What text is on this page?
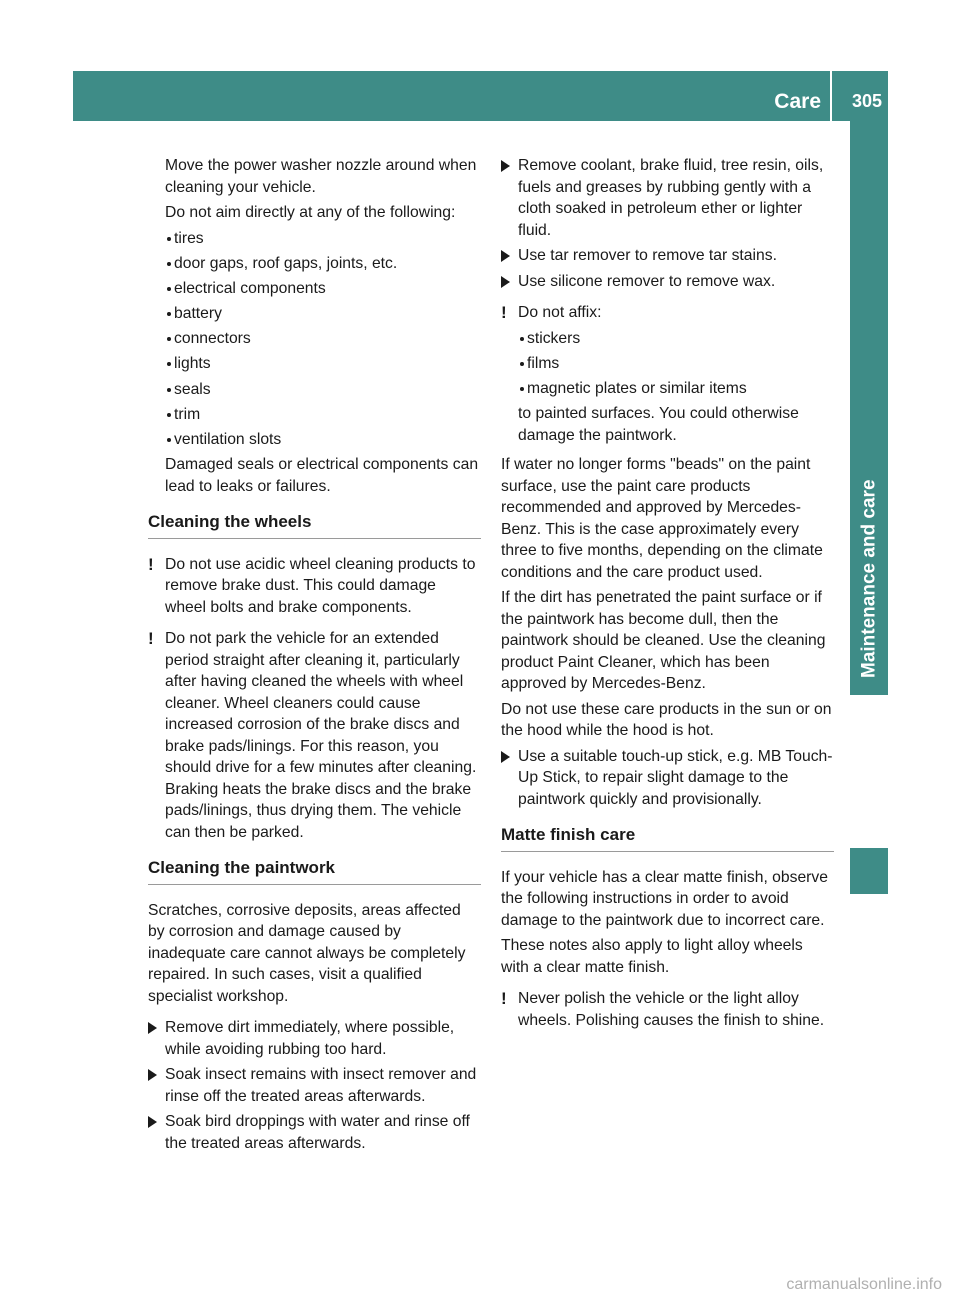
Care 305
Maintenance and care

Move the power washer nozzle around when cleaning your vehicle.

Do not aim directly at any of the following:

tires
door gaps, roof gaps, joints, etc.
electrical components
battery
connectors
lights
seals
trim
ventilation slots

Damaged seals or electrical components can lead to leaks or failures.

Cleaning the wheels
! Do not use acidic wheel cleaning products to remove brake dust. This could damage wheel bolts and brake components.
! Do not park the vehicle for an extended period straight after cleaning it, particularly after having cleaned the wheels with wheel cleaner. Wheel cleaners could cause increased corrosion of the brake discs and brake pads/linings. For this reason, you should drive for a few minutes after cleaning. Braking heats the brake discs and the brake pads/linings, thus drying them. The vehicle can then be parked.
Cleaning the paintwork

Scratches, corrosive deposits, areas affected by corrosion and damage caused by inadequate care cannot always be completely repaired. In such cases, visit a qualified specialist workshop.

Remove dirt immediately, where possible, while avoiding rubbing too hard.
Soak insect remains with insect remover and rinse off the treated areas afterwards.
Soak bird droppings with water and rinse off the treated areas afterwards.
Remove coolant, brake fluid, tree resin, oils, fuels and greases by rubbing gently with a cloth soaked in petroleum ether or lighter fluid.
Use tar remover to remove tar stains.
Use silicone remover to remove wax.
! Do not affix:
stickers
films
magnetic plates or similar items

to painted surfaces. You could otherwise damage the paintwork.

If water no longer forms "beads" on the paint surface, use the paint care products recommended and approved by Mercedes-Benz. This is the case approximately every three to five months, depending on the climate conditions and the care product used.

If the dirt has penetrated the paint surface or if the paintwork has become dull, then the paintwork should be cleaned. Use the cleaning product Paint Cleaner, which has been approved by Mercedes-Benz.

Do not use these care products in the sun or on the hood while the hood is hot.

Use a suitable touch-up stick, e.g. MB Touch-Up Stick, to repair slight damage to the paintwork quickly and provisionally.
Matte finish care

If your vehicle has a clear matte finish, observe the following instructions in order to avoid damage to the paintwork due to incorrect care.

These notes also apply to light alloy wheels with a clear matte finish.

! Never polish the vehicle or the light alloy wheels. Polishing causes the finish to shine.
carmanualsonline.info
